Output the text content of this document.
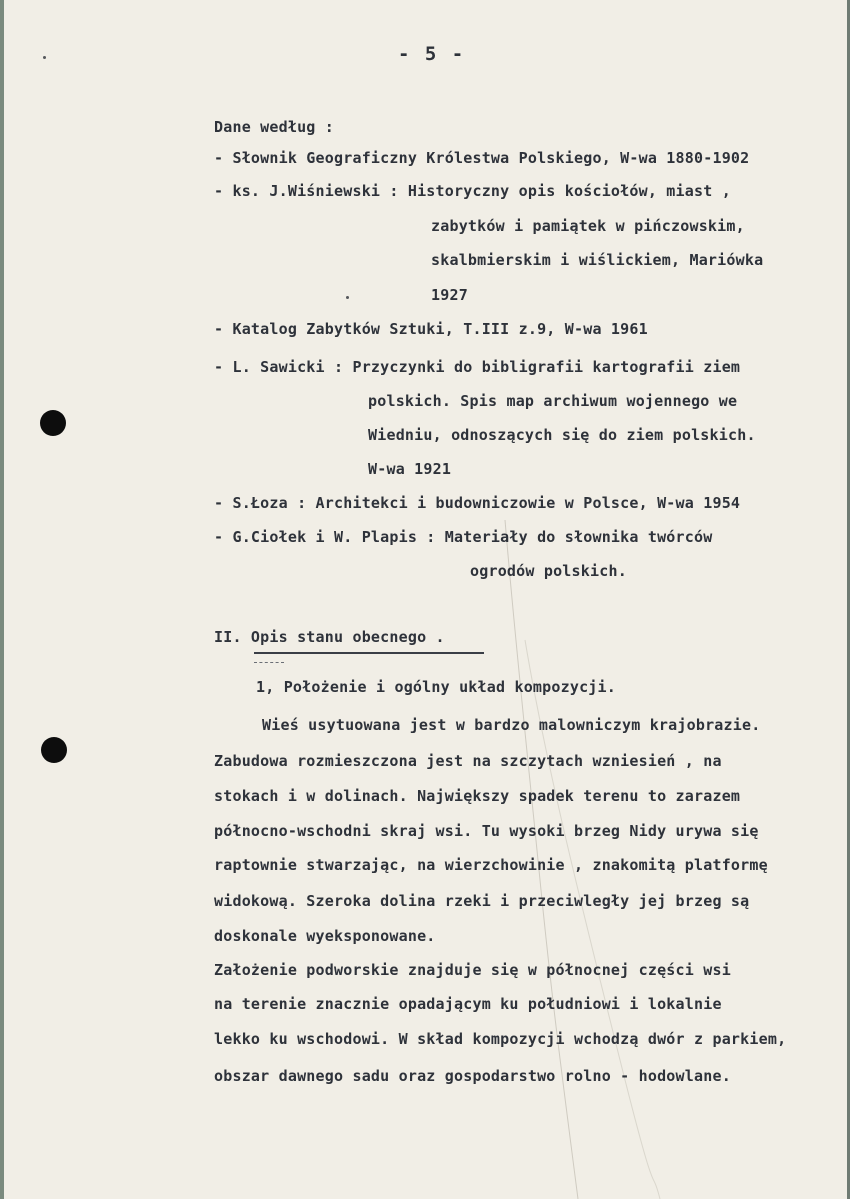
- 5 -
Dane według :
- Słownik Geograficzny Królestwa Polskiego, W-wa 1880-1902
- ks. J.Wiśniewski : Historyczny opis kościołów, miast ,
zabytków i pamiątek w pińczowskim,
skalbmierskim i wiślickiem, Mariówka
1927
- Katalog Zabytków Sztuki, T.III z.9, W-wa 1961
- L. Sawicki : Przyczynki do bibligrafii kartografii ziem
polskich. Spis map archiwum wojennego we
Wiedniu, odnoszących się do ziem polskich.
W-wa 1921
- S.Łoza : Architekci i budowniczowie w Polsce, W-wa 1954
- G.Ciołek i W. Plapis : Materiały do słownika twórców
ogrodów polskich.
II. Opis stanu obecnego .
1, Położenie i ogólny układ kompozycji.
Wieś usytuowana jest w bardzo malowniczym krajobrazie.
Zabudowa rozmieszczona jest na szczytach wzniesień , na
stokach i w dolinach. Największy spadek terenu to zarazem
północno-wschodni skraj wsi. Tu wysoki brzeg Nidy urywa się
raptownie stwarzając, na wierzchowinie , znakomitą platformę
widokową. Szeroka dolina rzeki i przeciwległy jej brzeg są
doskonale wyeksponowane.
Założenie podworskie znajduje się w północnej części wsi
na terenie znacznie opadającym ku południowi i lokalnie
lekko ku wschodowi. W skład kompozycji wchodzą dwór z parkiem,
obszar dawnego sadu oraz gospodarstwo rolno - hodowlane.
